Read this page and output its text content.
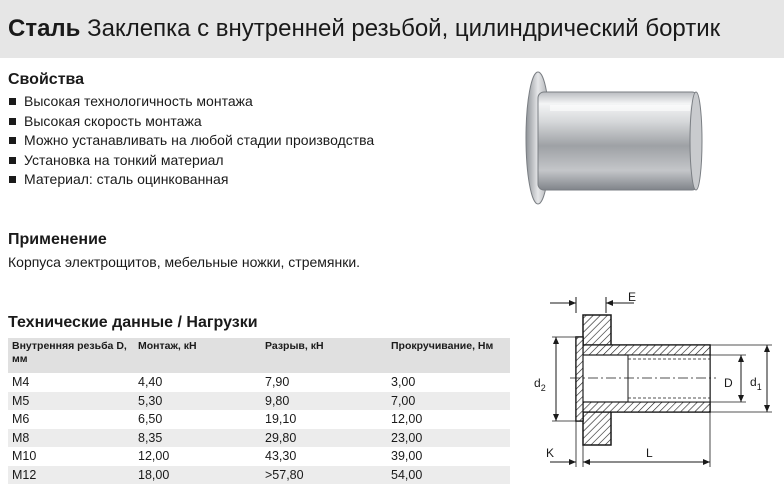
Сталь Заклепка с внутренней резьбой, цилиндрический бортик
Свойства
Высокая технологичность монтажа
Высокая скорость монтажа
Можно устанавливать на любой стадии производства
Установка на тонкий материал
Материал: сталь оцинкованная
Применение
Корпуса электрощитов, мебельные ножки, стремянки.
Технические данные / Нагрузки
Внутренняя резьба D, мм	Монтаж, кН	Разрыв, кН	Прокручивание, Нм
M4	4,40	7,90	3,00
M5	5,30	9,80	7,00
M6	6,50	19,10	12,00
M8	8,35	29,80	23,00
M10	12,00	43,30	39,00
M12	18,00	>57,80	54,00
E
$d_2$	D $d_1$
K	L
